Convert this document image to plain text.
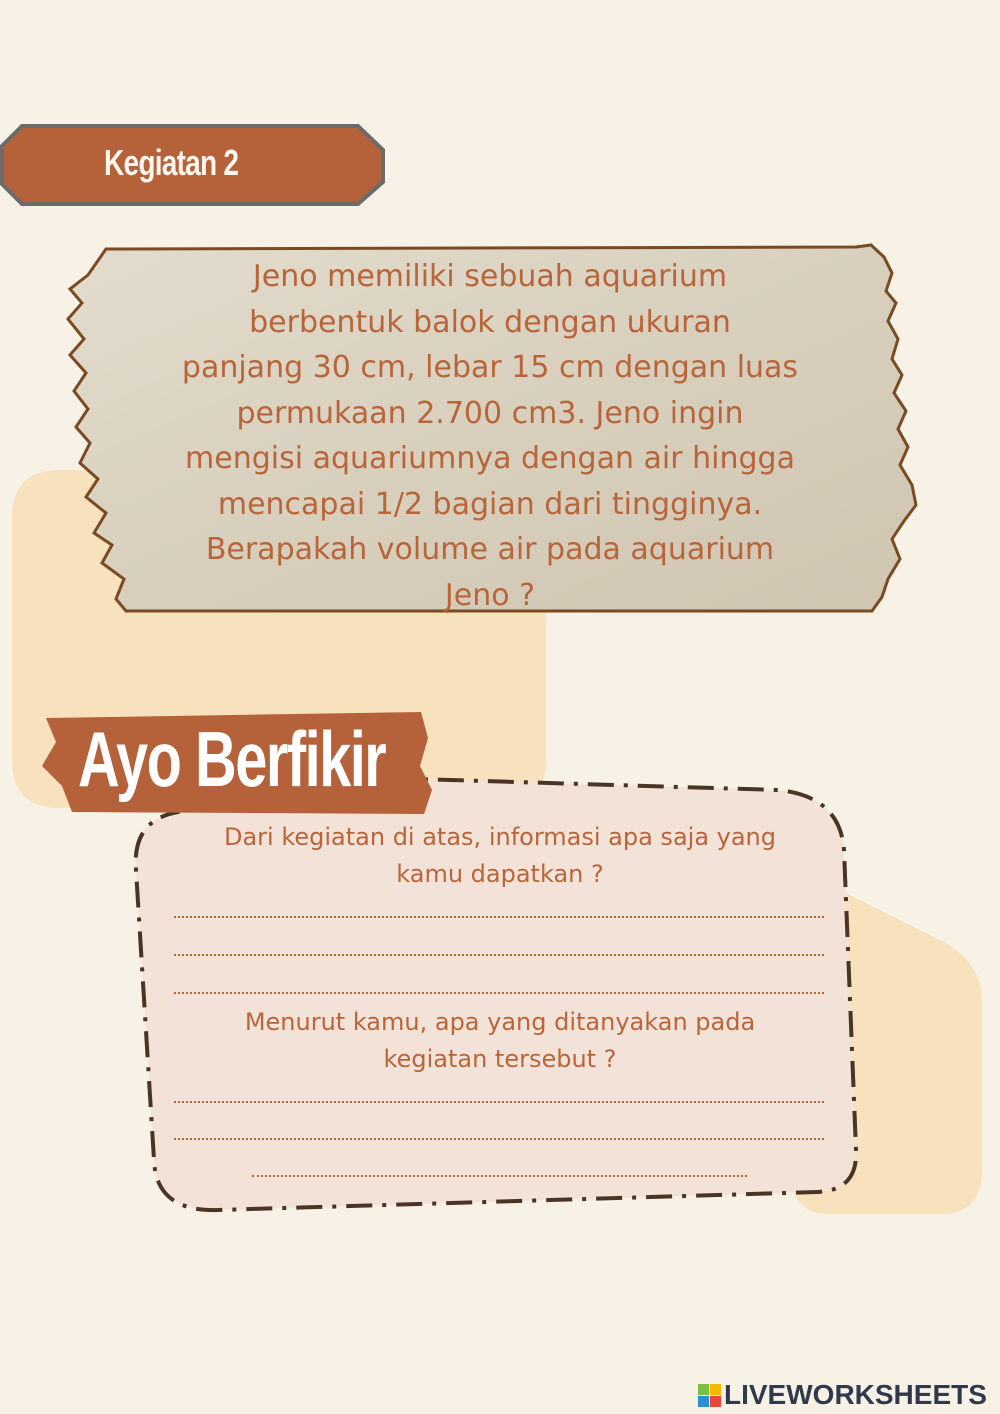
Kegiatan 2
Jeno memiliki sebuah aquarium
berbentuk balok dengan ukuran
panjang 30 cm, lebar 15 cm dengan luas
permukaan 2.700 cm3. Jeno ingin
mengisi aquariumnya dengan air hingga
mencapai 1/2 bagian dari tingginya.
Berapakah volume air pada aquarium
Jeno ?
Ayo Berfikir
Dari kegiatan di atas, informasi apa saja yang
kamu dapatkan ?
Menurut kamu, apa yang ditanyakan pada
kegiatan tersebut ?
LIVEWORKSHEETS
